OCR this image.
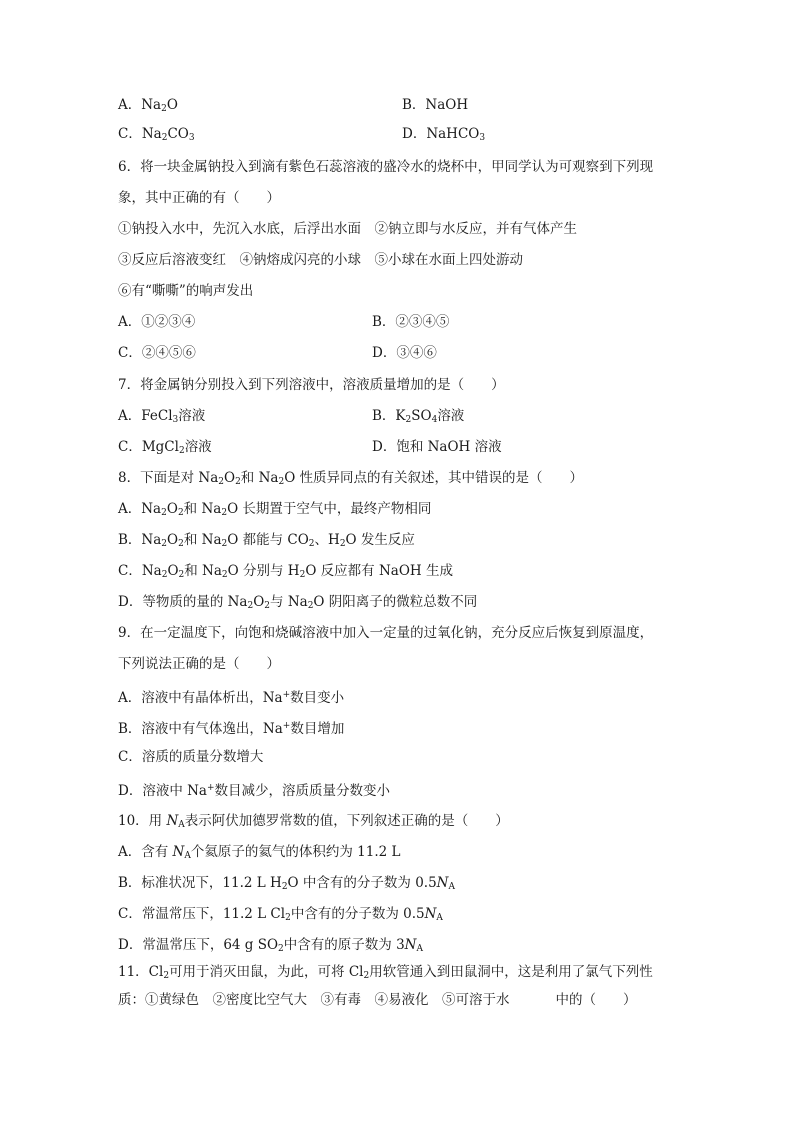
A．$Na_2O$	B．NaOH
C．$Na_2CO_3$	D．NaHCO$_3$
6．将一块金属钠投入到滴有紫色石蕊溶液的盛冷水的烧杯中，甲同学认为可观察到下列现
象，其中正确的有（　　）
①钠投入水中，先沉入水底，后浮出水面　②钠立即与水反应，并有气体产生
③反应后溶液变红　④钠熔成闪亮的小球　⑤小球在水面上四处游动
⑥有“嘶嘶”的响声发出
A．①②③④	B．②③④⑤
C．②④⑤⑥	D．③④⑥
7．将金属钠分别投入到下列溶液中，溶液质量增加的是（　　）
A．FeCl$_3$溶液	B．$K_2SO_4$溶液
C．MgCl$_2$溶液	D．饱和 NaOH 溶液
8．下面是对 $Na_2O_2$和 $Na_2O$ 性质异同点的有关叙述，其中错误的是（　　）
A．$Na_2O_2$和 $Na_2O$ 长期置于空气中，最终产物相同
B．$Na_2O_2$和 $Na_2O$ 都能与 $CO_2$、$H_2O$ 发生反应
C．$Na_2O_2$和 $Na_2O$ 分别与 $H_2O$ 反应都有 NaOH 生成
D．等物质的量的 $Na_2O_2$与 $Na_2O$ 阴阳离子的微粒总数不同
9．在一定温度下，向饱和烧碱溶液中加入一定量的过氧化钠，充分反应后恢复到原温度，
下列说法正确的是（　　）
A．溶液中有晶体析出，Na+数目变小
B．溶液中有气体逸出，Na+数目增加
C．溶质的质量分数增大
D．溶液中 Na+数目减少，溶质质量分数变小
10．用 $N_A$表示阿伏加德罗常数的值，下列叙述正确的是（　　）
A．含有 $N_A$个氦原子的氦气的体积约为 11.2 L
B．标准状况下，11.2 L $H_2O$ 中含有的分子数为 $0.5N_A$
C．常温常压下，11.2 L $Cl_2$中含有的分子数为 $0.5N_A$
D．常温常压下，64 g $SO_2$中含有的原子数为 $3N_A$
11．$Cl_2$可用于消灭田鼠，为此，可将 $Cl_2$用软管通入到田鼠洞中，这是利用了氯气下列性
质：①黄绿色　②密度比空气大　③有毒　④易液化　⑤可溶于水	中的（　　）
